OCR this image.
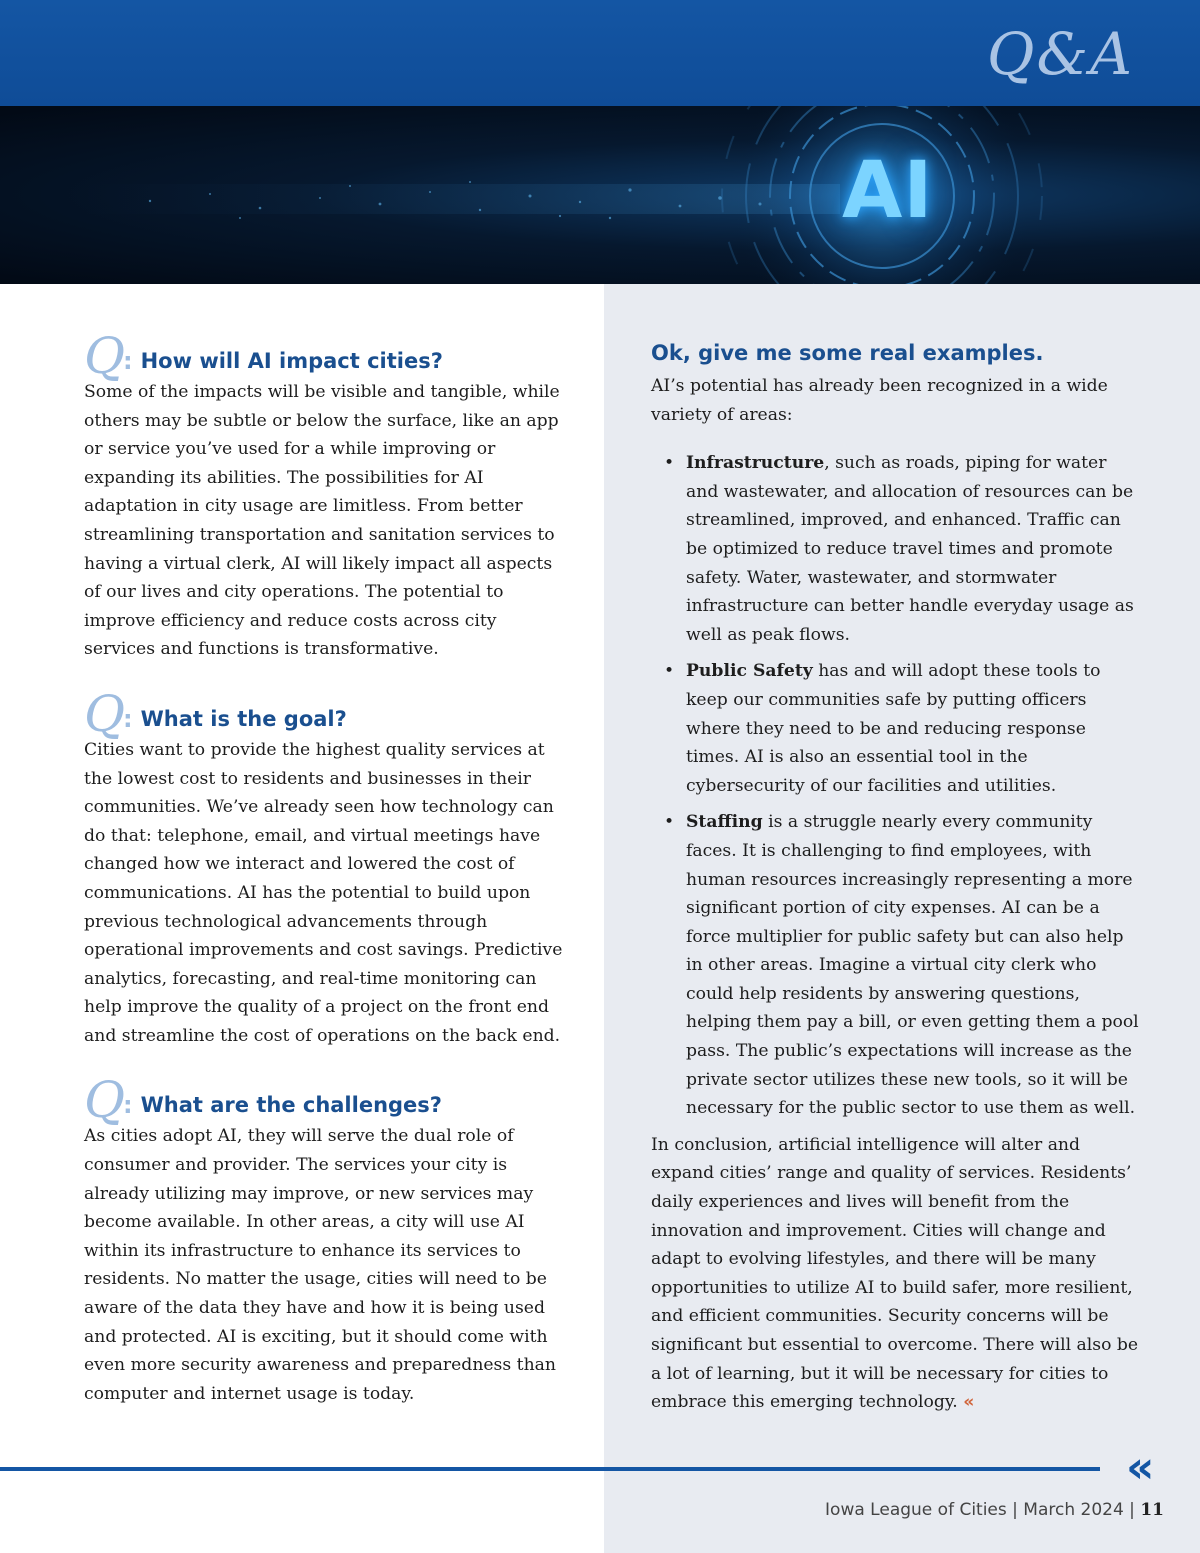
Q&A
AI
Q
: How will AI impact cities?

Some of the impacts will be visible and tangible, while others may be subtle or below the surface, like an app or service you’ve used for a while improving or expanding its abilities. The possibilities for AI adaptation in city usage are limitless. From better streamlining transportation and sanitation services to having a virtual clerk, AI will likely impact all aspects of our lives and city operations. The potential to improve efficiency and reduce costs across city services and functions is transformative.

Q
: What is the goal?

Cities want to provide the highest quality services at the lowest cost to residents and businesses in their communities. We’ve already seen how technology can do that: telephone, email, and virtual meetings have changed how we interact and lowered the cost of communications. AI has the potential to build upon previous technological advancements through operational improvements and cost savings. Predictive analytics, forecasting, and real-time monitoring can help improve the quality of a project on the front end and streamline the cost of operations on the back end.

Q
: What are the challenges?

As cities adopt AI, they will serve the dual role of consumer and provider. The services your city is already utilizing may improve, or new services may become available. In other areas, a city will use AI within its infrastructure to enhance its services to residents. No matter the usage, cities will need to be aware of the data they have and how it is being used and protected. AI is exciting, but it should come with even more security awareness and preparedness than computer and internet usage is today.

Ok, give me some real examples.

AI’s potential has already been recognized in a wide variety of areas:

• Infrastructure, such as roads, piping for water and wastewater, and allocation of resources can be streamlined, improved, and enhanced. Traffic can be optimized to reduce travel times and promote safety. Water, wastewater, and stormwater infrastructure can better handle everyday usage as well as peak flows.
• Public Safety has and will adopt these tools to keep our communities safe by putting officers where they need to be and reducing response times. AI is also an essential tool in the cybersecurity of our facilities and utilities.
• Staffing is a struggle nearly every community faces. It is challenging to find employees, with human resources increasingly representing a more significant portion of city expenses. AI can be a force multiplier for public safety but can also help in other areas. Imagine a virtual city clerk who could help residents by answering questions, helping them pay a bill, or even getting them a pool pass. The public’s expectations will increase as the private sector utilizes these new tools, so it will be necessary for the public sector to use them as well.

In conclusion, artificial intelligence will alter and expand cities’ range and quality of services. Residents’ daily experiences and lives will benefit from the innovation and improvement. Cities will change and adapt to evolving lifestyles, and there will be many opportunities to utilize AI to build safer, more resilient, and efficient communities. Security concerns will be significant but essential to overcome. There will also be a lot of learning, but it will be necessary for cities to embrace this emerging technology. «

«
Iowa League of Cities | March 2024 | 11
